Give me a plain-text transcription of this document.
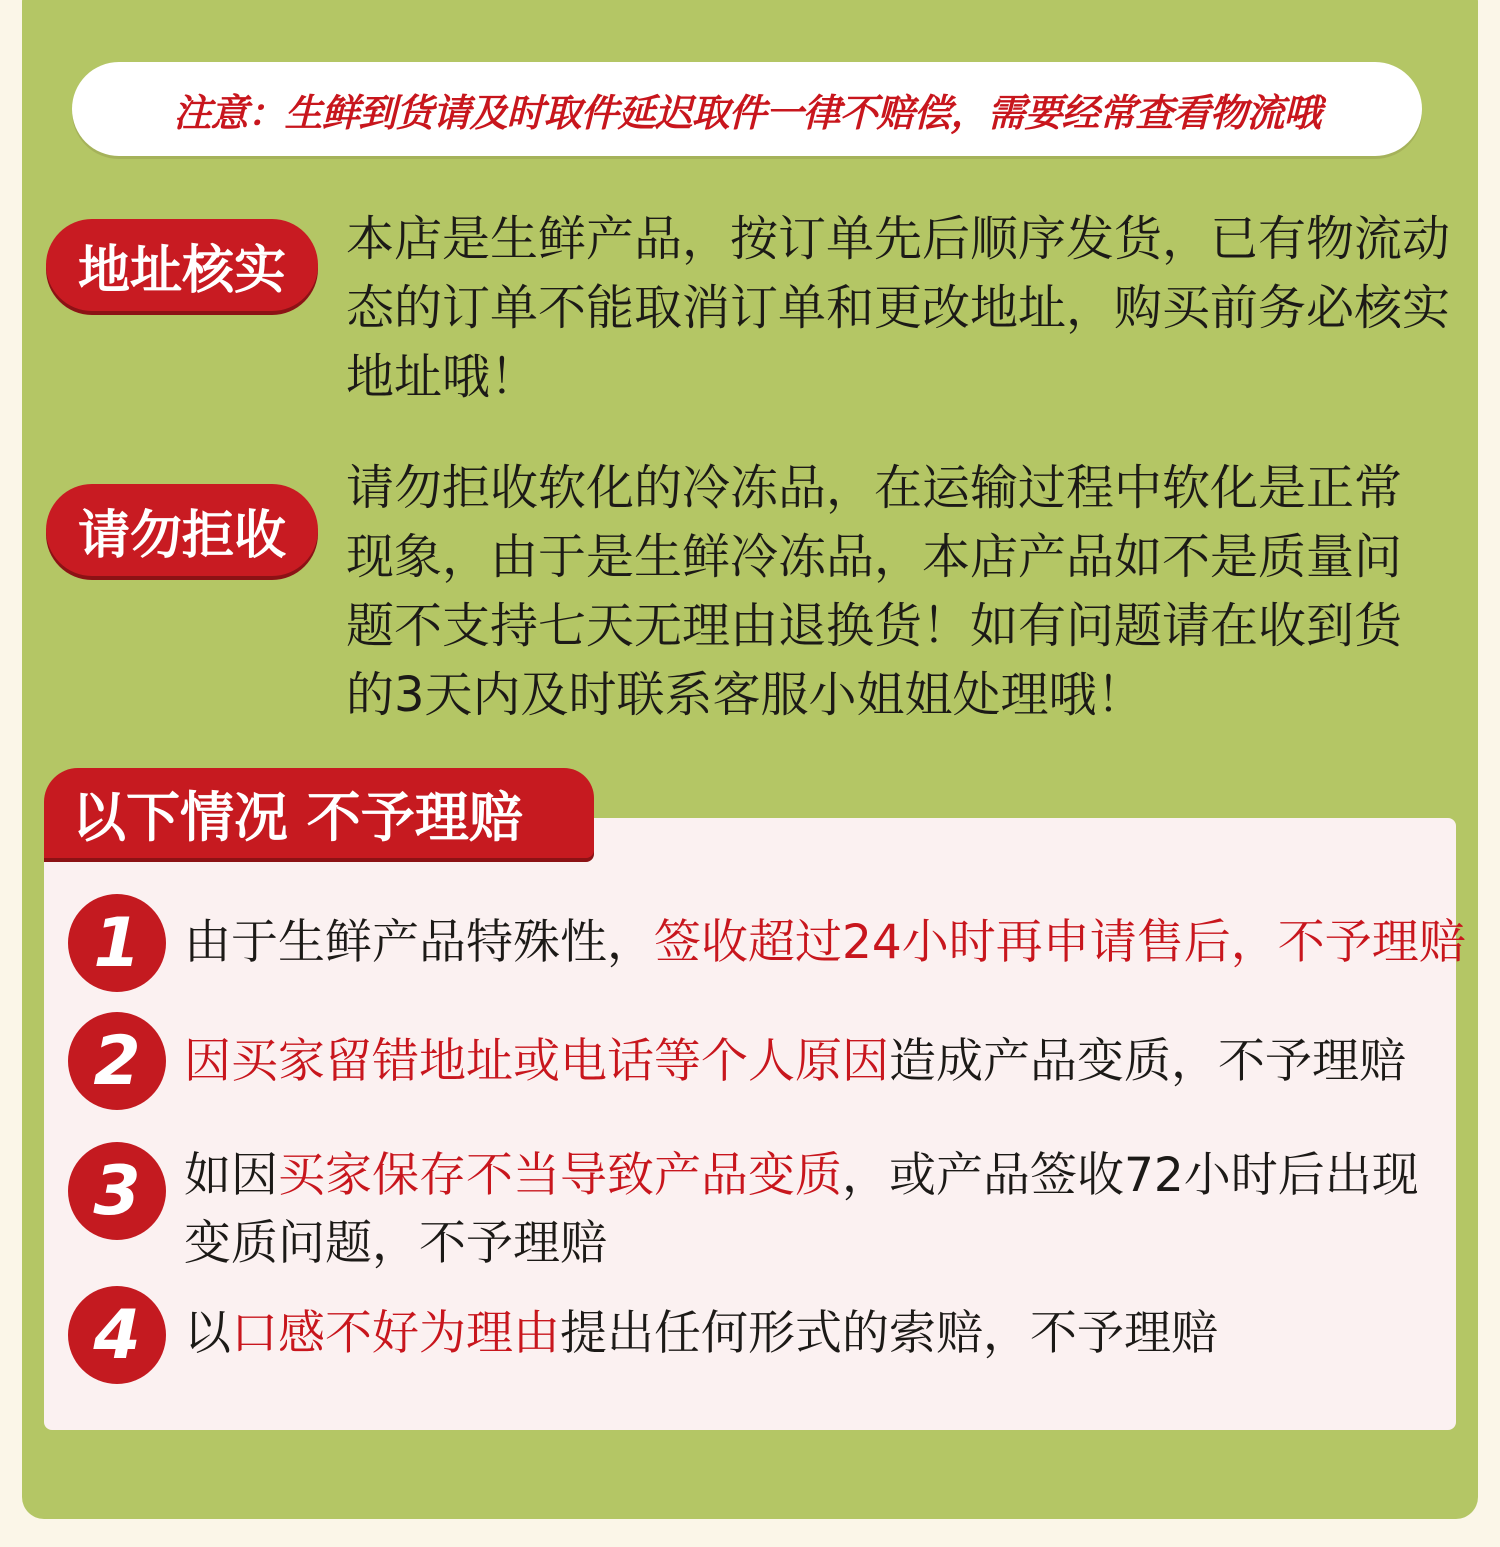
注意：生鲜到货请及时取件延迟取件一律不赔偿，需要经常查看物流哦
地址核实

本店是生鲜产品，按订单先后顺序发货，已有物流动

态的订单不能取消订单和更改地址，购买前务必核实

地址哦！

请勿拒收

请勿拒收软化的冷冻品，在运输过程中软化是正常

现象，由于是生鲜冷冻品，本店产品如不是质量问

题不支持七天无理由退换货！如有问题请在收到货

的3天内及时联系客服小姐姐处理哦！

以下情况 不予理赔
1 由于生鲜产品特殊性，签收超过24小时再申请售后，不予理赔
2 因买家留错地址或电话等个人原因造成产品变质，不予理赔
3 如因买家保存不当导致产品变质，或产品签收72小时后出现
变质问题，不予理赔
4 以口感不好为理由提出任何形式的索赔，不予理赔
